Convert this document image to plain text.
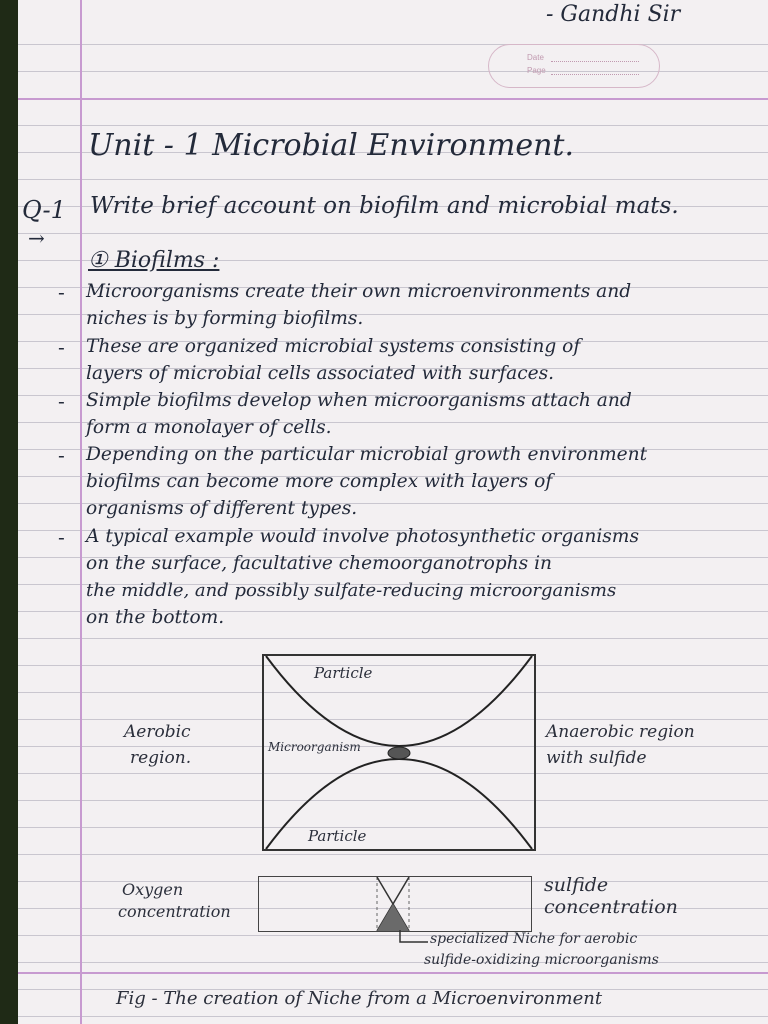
- Gandhi Sir
Date
Page
Unit - 1 Microbial Environment.
Q-1
→
Write brief account on biofilm and microbial mats.
① Biofilms :
- Microorganisms create their own microenvironments and
niches is by forming biofilms.
- These are organized microbial systems consisting of
layers of microbial cells associated with surfaces.
- Simple biofilms develop when microorganisms attach and
form a monolayer of cells.
- Depending on the particular microbial growth environment
biofilms can become more complex with layers of
organisms of different types.
- A typical example would involve photosynthetic organisms
on the surface, facultative chemoorganotrophs in
the middle, and possibly sulfate-reducing microorganisms
on the bottom.
Particle
Particle
Microorganism
Aerobic
region.
Anaerobic region
with sulfide
Oxygen
concentration
sulfide
concentration
specialized Niche for aerobic
sulfide-oxidizing microorganisms
Fig - The creation of Niche from a Microenvironment
